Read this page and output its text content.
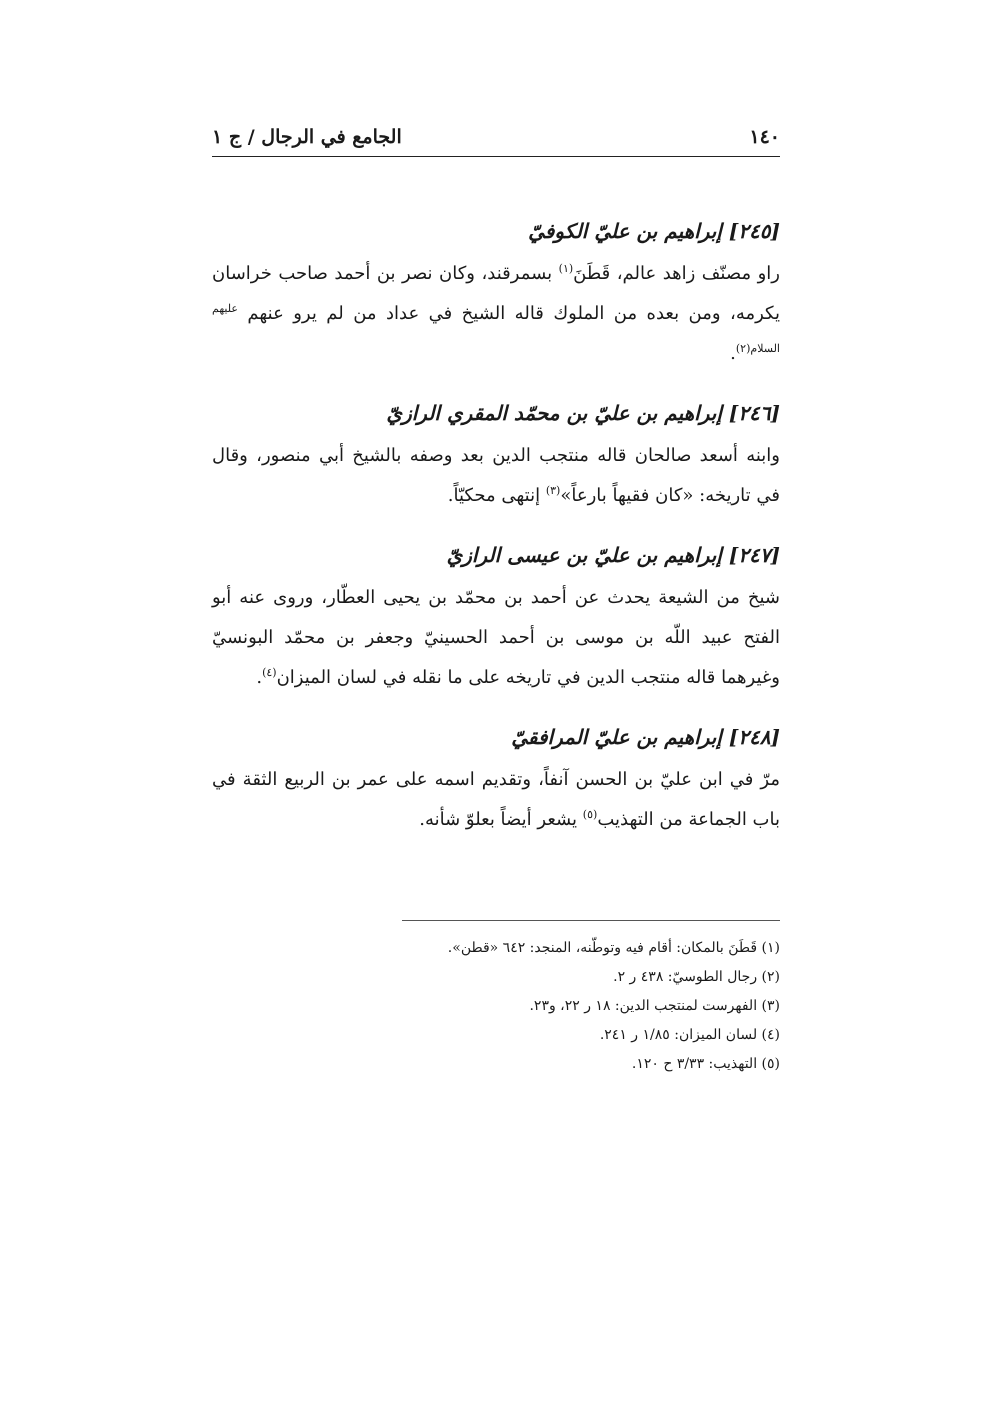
١٤٠
الجامع في الرجال / ج ١
[٢٤٥] إبراهيم بن عليّ الكوفيّ

راو مصنّف زاهد عالم، قَطَنَ$^{(١)}$ بسمرقند، وكان نصر بن أحمد صاحب خراسان يكرمه، ومن بعده من الملوك قاله الشيخ في عداد من لم يرو عنهم $^{عليهم السلام(٢)}$.

[٢٤٦] إبراهيم بن عليّ بن محمّد المقري الرازيّ

وابنه أسعد صالحان قاله منتجب الدين بعد وصفه بالشيخ أبي منصور، وقال في تاريخه: «كان فقيهاً بارعاً»$^{(٣)}$ إنتهى محكيّاً.

[٢٤٧] إبراهيم بن عليّ بن عيسى الرازيّ

شيخ من الشيعة يحدث عن أحمد بن محمّد بن يحيى العطّار، وروى عنه أبو الفتح عبيد اللّه بن موسى بن أحمد الحسينيّ وجعفر بن محمّد البونسيّ وغيرهما قاله منتجب الدين في تاريخه على ما نقله في لسان الميزان$^{(٤)}$.

[٢٤٨] إبراهيم بن عليّ المرافقيّ

مرّ في ابن عليّ بن الحسن آنفاً، وتقديم اسمه على عمر بن الربيع الثقة في باب الجماعة من التهذيب$^{(٥)}$ يشعر أيضاً بعلوّ شأنه.

(١) قَطَنَ بالمكان: أقام فيه وتوطّنه، المنجد: ٦٤٢ «قطن».

(٢) رجال الطوسيّ: ٤٣٨ ر ٢.

(٣) الفهرست لمنتجب الدين: ١٨ ر ٢٢، و٢٣.

(٤) لسان الميزان: ١/٨٥ ر ٢٤١.

(٥) التهذيب: ٣/٣٣ ح ١٢٠.
